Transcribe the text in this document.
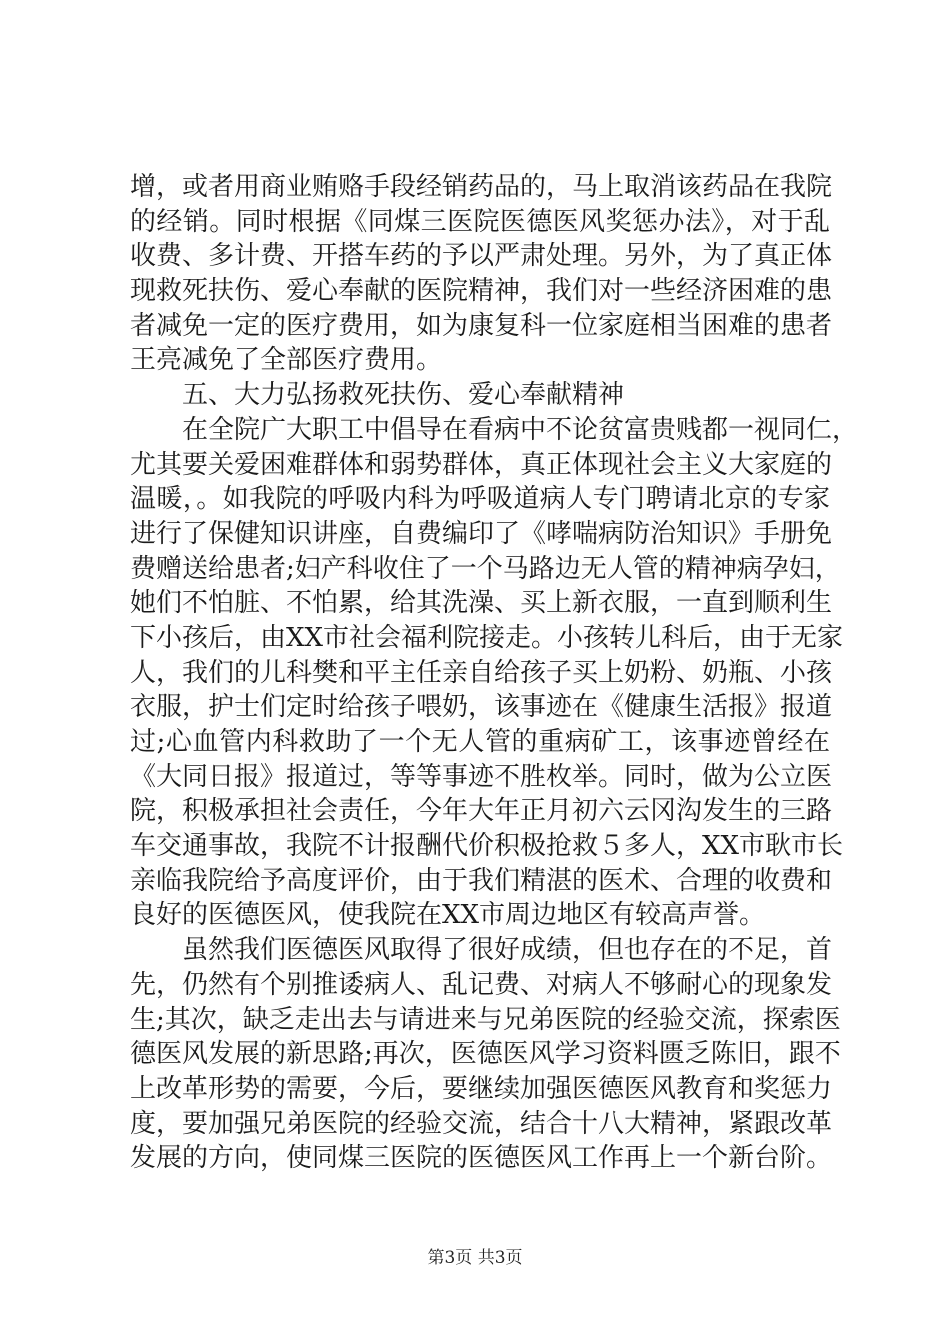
增，或者用商业贿赂手段经销药品的，马上取消该药品在我院
的经销。同时根据《同煤三医院医德医风奖惩办法》，对于乱
收费、多计费、开搭车药的予以严肃处理。另外，为了真正体
现救死扶伤、爱心奉献的医院精神，我们对一些经济困难的患
者减免一定的医疗费用，如为康复科一位家庭相当困难的患者
王亮减免了全部医疗费用。
五、大力弘扬救死扶伤、爱心奉献精神
在全院广大职工中倡导在看病中不论贫富贵贱都一视同仁，
尤其要关爱困难群体和弱势群体，真正体现社会主义大家庭的
温暖，。如我院的呼吸内科为呼吸道病人专门聘请北京的专家
进行了保健知识讲座，自费编印了《哮喘病防治知识》手册免
费赠送给患者;妇产科收住了一个马路边无人管的精神病孕妇，
她们不怕脏、不怕累，给其洗澡、买上新衣服，一直到顺利生
下小孩后，由XX市社会福利院接走。小孩转儿科后，由于无家
人，我们的儿科樊和平主任亲自给孩子买上奶粉、奶瓶、小孩
衣服，护士们定时给孩子喂奶，该事迹在《健康生活报》报道
过;心血管内科救助了一个无人管的重病矿工，该事迹曾经在
《大同日报》报道过，等等事迹不胜枚举。同时，做为公立医
院，积极承担社会责任，今年大年正月初六云冈沟发生的三路
车交通事故，我院不计报酬代价积极抢救５多人，XX市耿市长
亲临我院给予高度评价，由于我们精湛的医术、合理的收费和
良好的医德医风，使我院在XX市周边地区有较高声誉。
虽然我们医德医风取得了很好成绩，但也存在的不足，首
先，仍然有个别推诿病人、乱记费、对病人不够耐心的现象发
生;其次，缺乏走出去与请进来与兄弟医院的经验交流，探索医
德医风发展的新思路;再次，医德医风学习资料匮乏陈旧，跟不
上改革形势的需要，今后，要继续加强医德医风教育和奖惩力
度，要加强兄弟医院的经验交流，结合十八大精神，紧跟改革
发展的方向，使同煤三医院的医德医风工作再上一个新台阶。
第3页 共3页
